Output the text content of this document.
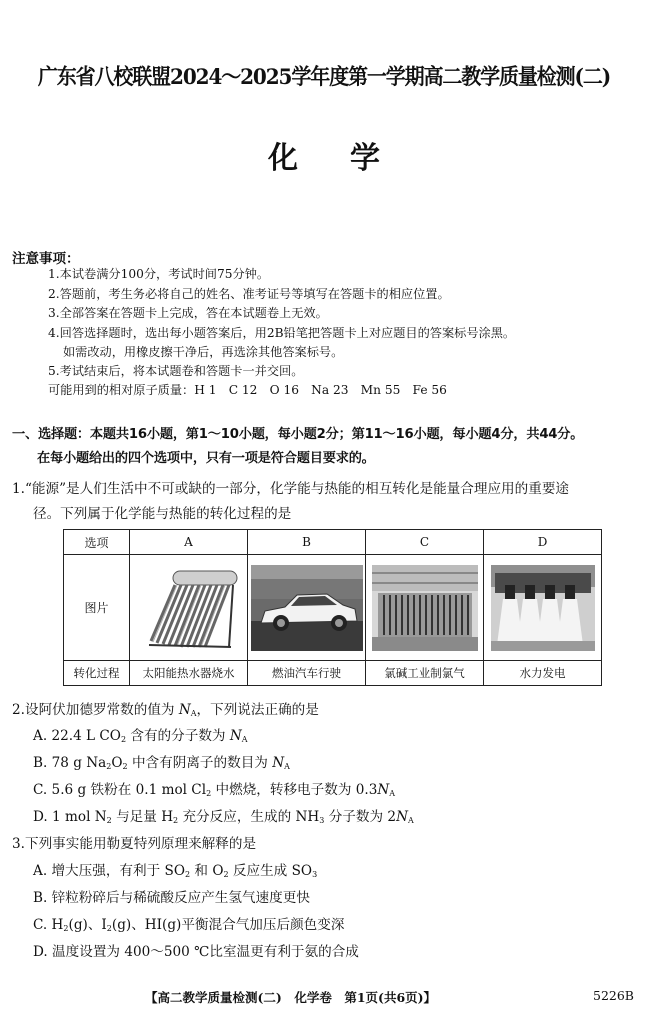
广东省八校联盟2024～2025学年度第一学期高二教学质量检测(二)
化学
注意事项：
1.本试卷满分100分，考试时间75分钟。
2.答题前，考生务必将自己的姓名、准考证号等填写在答题卡的相应位置。
3.全部答案在答题卡上完成，答在本试题卷上无效。
4.回答选择题时，选出每小题答案后，用2B铅笔把答题卡上对应题目的答案标号涂黑。
如需改动，用橡皮擦干净后，再选涂其他答案标号。
5.考试结束后，将本试题卷和答题卡一并交回。
可能用到的相对原子质量：H 1　C 12　O 16　Na 23　Mn 55　Fe 56
一、选择题：本题共16小题，第1～10小题，每小题2分；第11～16小题，每小题4分，共44分。
在每小题给出的四个选项中，只有一项是符合题目要求的。
1.“能源”是人们生活中不可或缺的一部分，化学能与热能的相互转化是能量合理应用的重要途
径。下列属于化学能与热能的转化过程的是
选项	A	B	C	D
图片	

转化过程	太阳能热水器烧水	燃油汽车行驶	氯碱工业制氯气	水力发电
2.设阿伏加德罗常数的值为 $N_A$，下列说法正确的是
A. 22.4 L $CO_2$ 含有的分子数为 $N_A$
B. 78 g $Na_2O_2$ 中含有阴离子的数目为 $N_A$
C. 5.6 g 铁粉在 0.1 mol $Cl_2$ 中燃烧，转移电子数为 $0.3N_A$
D. 1 mol $N_2$ 与足量 $H_2$ 充分反应，生成的 $NH_3$ 分子数为 $2N_A$
3.下列事实能用勒夏特列原理来解释的是
A. 增大压强，有利于 $SO_2$ 和 $O_2$ 反应生成 $SO_3$
B. 锌粒粉碎后与稀硫酸反应产生氢气速度更快
C. $H_2(g)$、$I_2(g)$、HI(g)平衡混合气加压后颜色变深
D. 温度设置为 400～500 ℃比室温更有利于氨的合成
【高二教学质量检测(二)　化学卷　第1页(共6页)】	5226B
